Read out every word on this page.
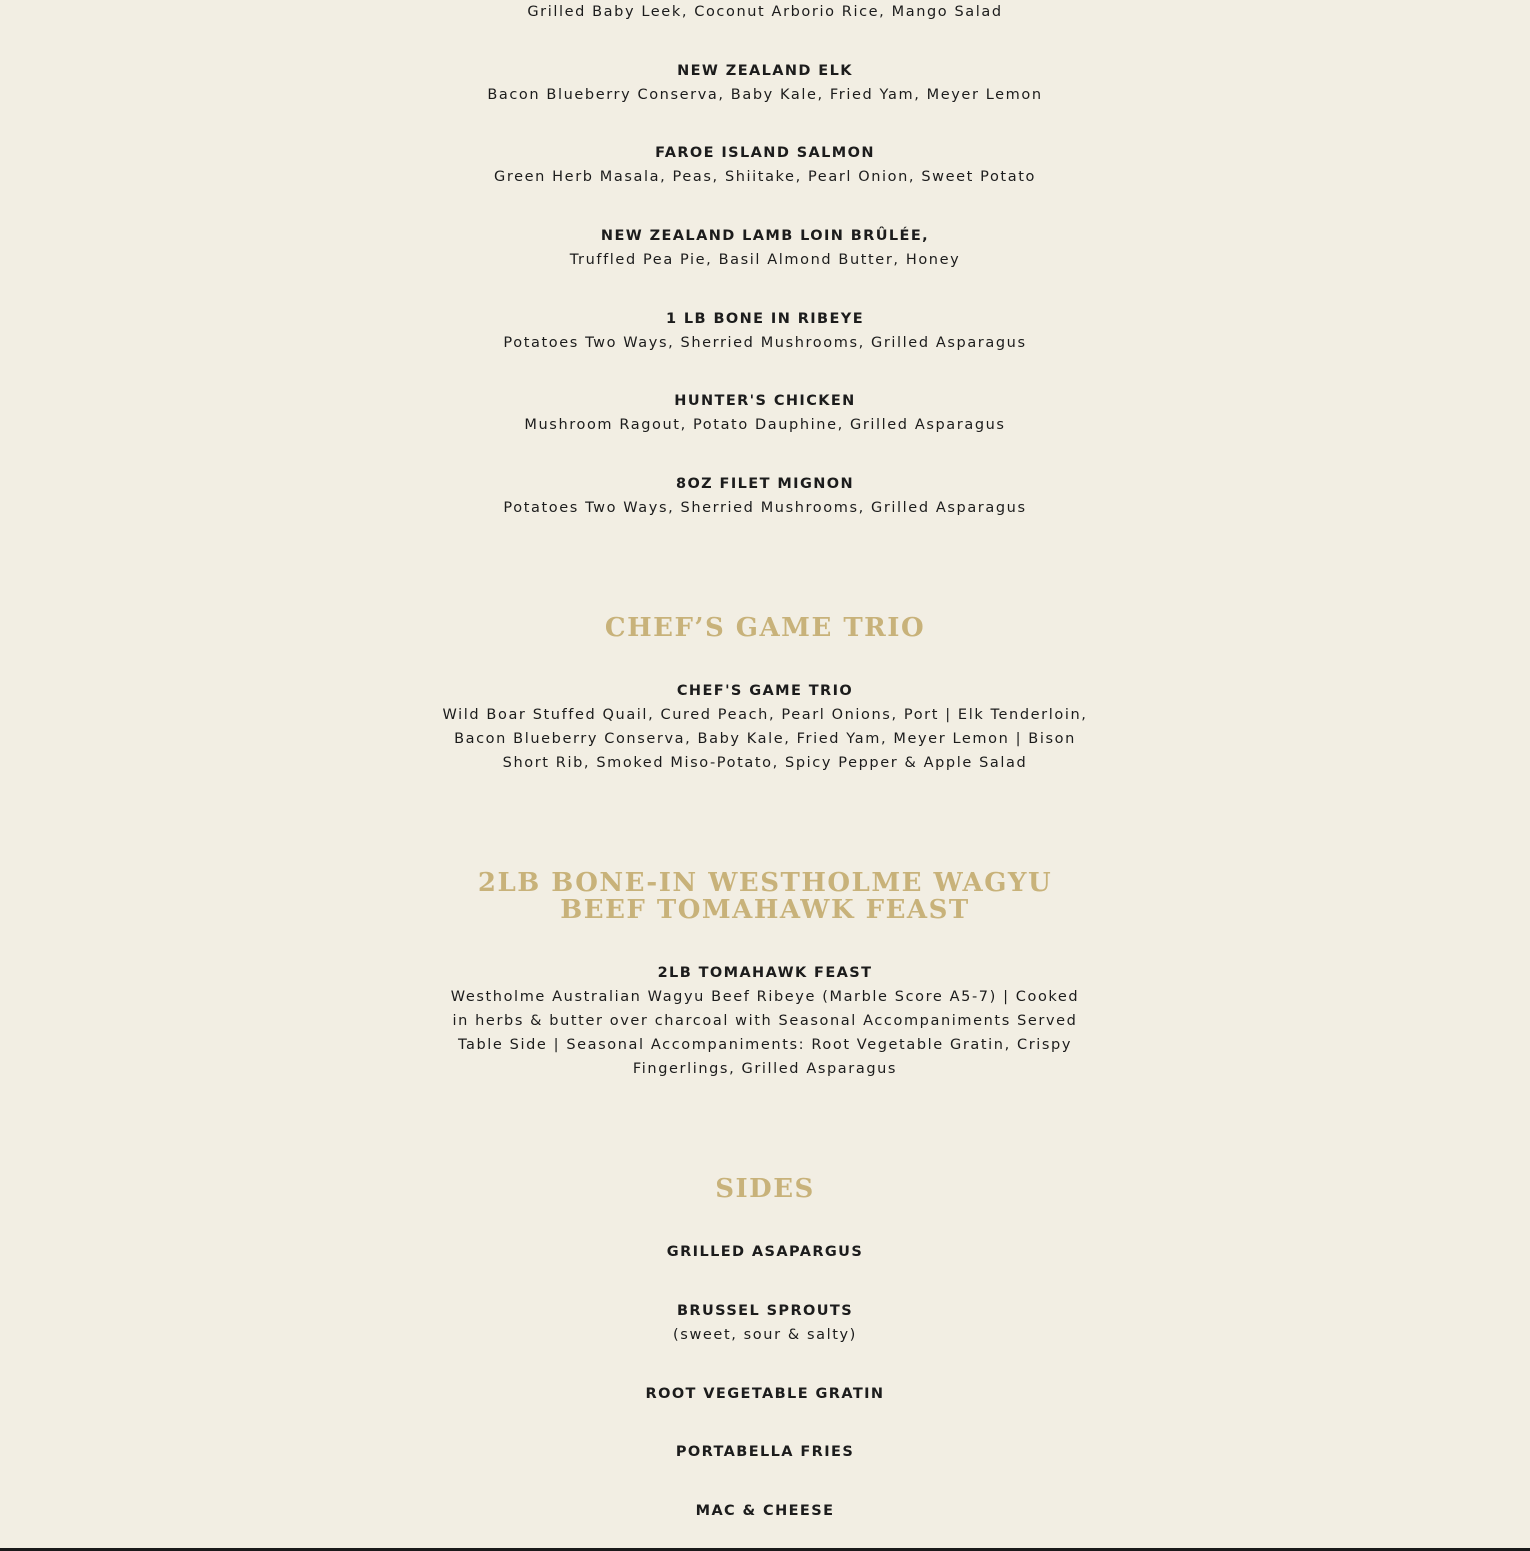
Grilled Baby Leek, Coconut Arborio Rice, Mango Salad
NEW ZEALAND ELK
Bacon Blueberry Conserva, Baby Kale, Fried Yam, Meyer Lemon
FAROE ISLAND SALMON
Green Herb Masala, Peas, Shiitake, Pearl Onion, Sweet Potato
NEW ZEALAND LAMB LOIN BRÛLÉE,
Truffled Pea Pie, Basil Almond Butter, Honey
1 LB BONE IN RIBEYE
Potatoes Two Ways, Sherried Mushrooms, Grilled Asparagus
HUNTER'S CHICKEN
Mushroom Ragout, Potato Dauphine, Grilled Asparagus
8OZ FILET MIGNON
Potatoes Two Ways, Sherried Mushrooms, Grilled Asparagus
CHEF’S GAME TRIO
CHEF'S GAME TRIO
Wild Boar Stuffed Quail, Cured Peach, Pearl Onions, Port | Elk Tenderloin, Bacon Blueberry Conserva, Baby Kale, Fried Yam, Meyer Lemon | Bison Short Rib, Smoked Miso-Potato, Spicy Pepper & Apple Salad
2LB BONE-IN WESTHOLME WAGYU BEEF TOMAHAWK FEAST
2LB TOMAHAWK FEAST
Westholme Australian Wagyu Beef Ribeye (Marble Score A5-7) | Cooked in herbs & butter over charcoal with Seasonal Accompaniments Served Table Side | Seasonal Accompaniments: Root Vegetable Gratin, Crispy Fingerlings, Grilled Asparagus
SIDES
GRILLED ASAPARGUS
BRUSSEL SPROUTS
(sweet, sour & salty)
ROOT VEGETABLE GRATIN
PORTABELLA FRIES
MAC & CHEESE
